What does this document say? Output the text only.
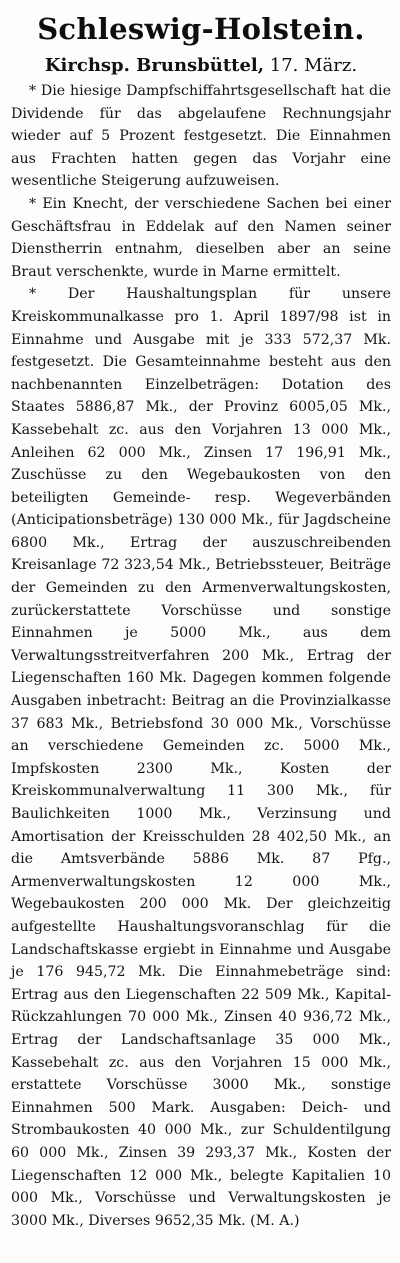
Schleswig-Holstein.

Kirchsp. Brunsbüttel, 17. März.

* Die hiesige Dampfschiffahrtsgesellschaft hat die Dividende für das abgelaufene Rechnungsjahr wieder auf 5 Prozent festgesetzt. Die Einnahmen aus Frachten hatten gegen das Vorjahr eine wesentliche Steigerung aufzuweisen.

* Ein Knecht, der verschiedene Sachen bei einer Geschäftsfrau in Eddelak auf den Namen seiner Dienstherrin entnahm, dieselben aber an seine Braut verschenkte, wurde in Marne ermittelt.

* Der Haushaltungsplan für unsere Kreiskommunalkasse pro 1. April 1897/98 ist in Einnahme und Ausgabe mit je 333 572,37 Mk. festgesetzt. Die Gesamteinnahme besteht aus den nachbenannten Einzelbeträgen: Dotation des Staates 5886,87 Mk., der Provinz 6005,05 Mk., Kassebehalt zc. aus den Vorjahren 13 000 Mk., Anleihen 62 000 Mk., Zinsen 17 196,91 Mk., Zuschüsse zu den Wegebaukosten von den beteiligten Gemeinde- resp. Wegeverbänden (Anticipationsbeträge) 130 000 Mk., für Jagdscheine 6800 Mk., Ertrag der auszuschreibenden Kreisanlage 72 323,54 Mk., Betriebssteuer, Beiträge der Gemeinden zu den Armenverwaltungskosten, zurückerstattete Vorschüsse und sonstige Einnahmen je 5000 Mk., aus dem Verwaltungsstreitverfahren 200 Mk., Ertrag der Liegenschaften 160 Mk. Dagegen kommen folgende Ausgaben inbetracht: Beitrag an die Provinzialkasse 37 683 Mk., Betriebsfond 30 000 Mk., Vorschüsse an verschiedene Gemeinden zc. 5000 Mk., Impfskosten 2300 Mk., Kosten der Kreiskommunalverwaltung 11 300 Mk., für Baulichkeiten 1000 Mk., Verzinsung und Amortisation der Kreisschulden 28 402,50 Mk., an die Amtsverbände 5886 Mk. 87 Pfg., Armenverwaltungskosten 12 000 Mk., Wegebaukosten 200 000 Mk. Der gleichzeitig aufgestellte Haushaltungsvoranschlag für die Landschaftskasse ergiebt in Einnahme und Ausgabe je 176 945,72 Mk. Die Einnahmebeträge sind: Ertrag aus den Liegenschaften 22 509 Mk., Kapital-Rückzahlungen 70 000 Mk., Zinsen 40 936,72 Mk., Ertrag der Landschaftsanlage 35 000 Mk., Kassebehalt zc. aus den Vorjahren 15 000 Mk., erstattete Vorschüsse 3000 Mk., sonstige Einnahmen 500 Mark. Ausgaben: Deich- und Strombaukosten 40 000 Mk., zur Schuldentilgung 60 000 Mk., Zinsen 39 293,37 Mk., Kosten der Liegenschaften 12 000 Mk., belegte Kapitalien 10 000 Mk., Vorschüsse und Verwaltungskosten je 3000 Mk., Diverses 9652,35 Mk. (M. A.)
